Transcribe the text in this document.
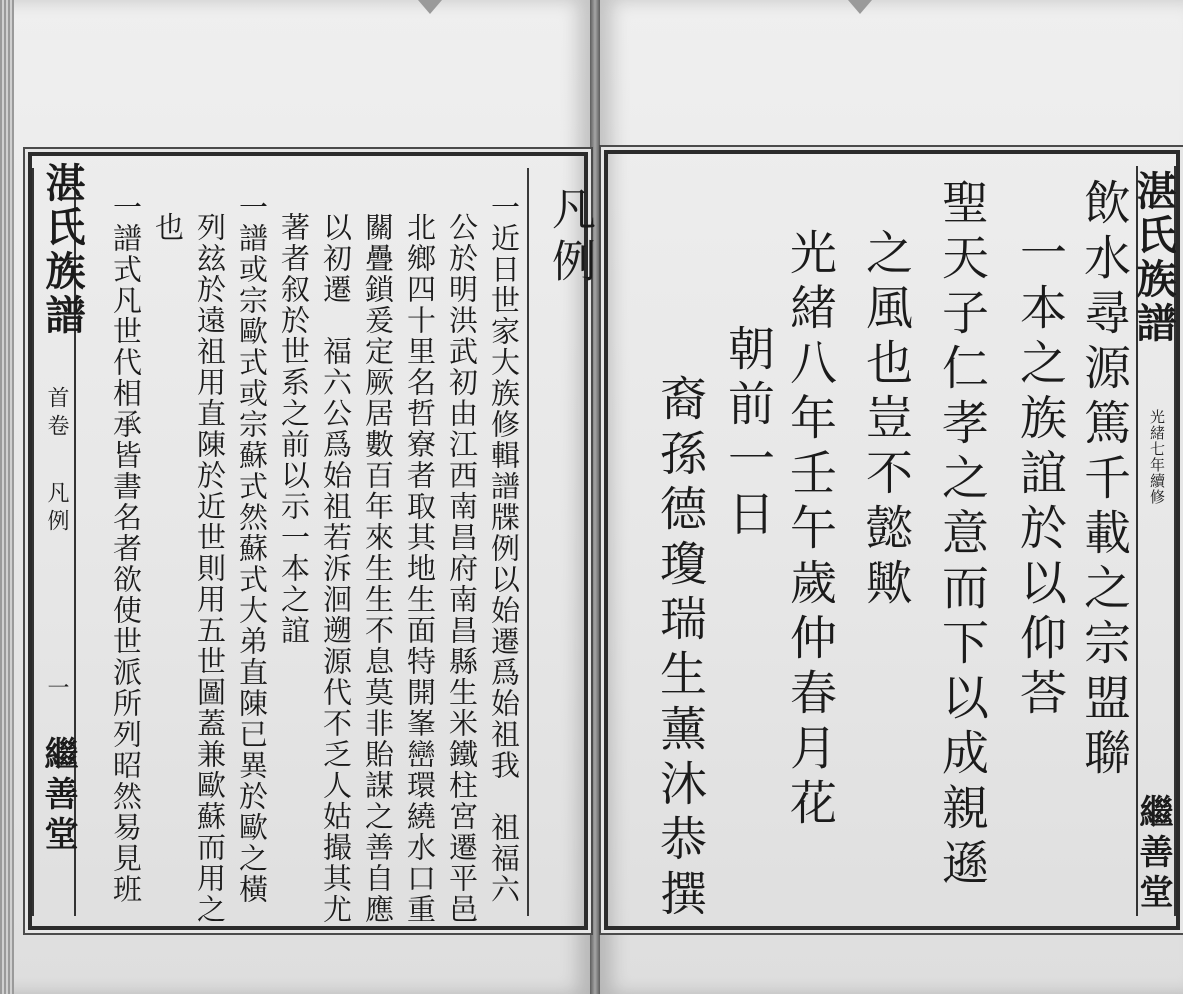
湛氏族譜
首卷
凡例
一
繼善堂
凡例
一近日世家大族修輯譜牒例以始遷爲始祖我　祖福六
公於明洪武初由江西南昌府南昌縣生米鐵柱宮遷平邑
北鄉四十里名哲寮者取其地生面特開峯巒環繞水口重
關疊鎖爰定厥居數百年來生生不息莫非貽謀之善自應
以初遷　福六公爲始祖若泝洄遡源代不乏人姑撮其尤
著者叙於世系之前以示一本之誼
一譜或宗歐式或宗蘇式然蘇式大弟直陳已異於歐之橫
列玆於遠祖用直陳於近世則用五世圖蓋兼歐蘇而用之
也
一譜式凡世代相承皆書名者欲使世派所列昭然易見班	湛氏族譜
光緒七年續修
繼善堂
飲水尋源篤千載之宗盟聯
一本之族誼於以仰荅
聖天子仁孝之意而下以成親遜
之風也豈不懿歟
光緒八年壬午歲仲春月花
朝前一日
裔孫德瓊瑞生薰沐恭撰
